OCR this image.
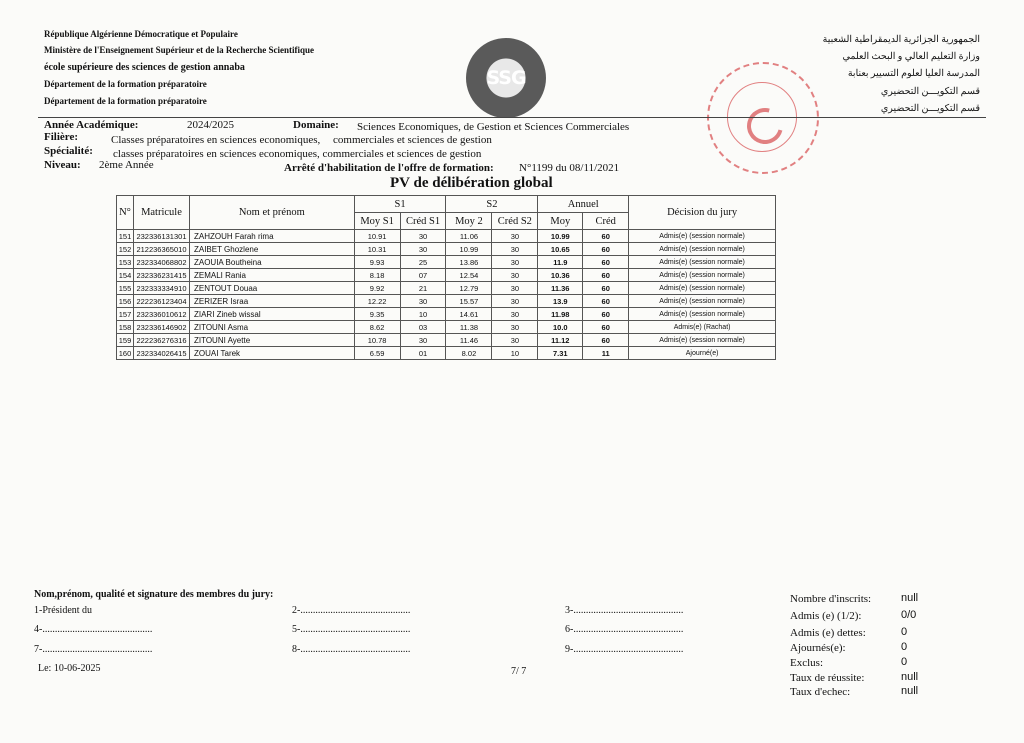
République Algérienne Démocratique et Populaire
Ministère de l'Enseignement Supérieur et de la Recherche Scientifique
école supérieure des sciences de gestion annaba
Département de la formation préparatoire
Département de la formation préparatoire
الجمهورية الجزائرية الديمقراطية الشعبية
وزارة التعليم العالي و البحث العلمي
المدرسة العليا لعلوم التسيير بعنابة
قسم التكويـــن التحضيري
قسم التكويـــن التحضيري
SSG
Année Académique:	2024/2025	Domaine: Sciences Economiques, de Gestion et Sciences Commerciales
Filière:	Classes préparatoires en sciences economiques, commerciales et sciences de gestion
Spécialité: classes préparatoires en sciences economiques, commerciales et sciences de gestion
Niveau: 2ème Année	Arrêté d'habilitation de l'offre de formation: N°1199 du 08/11/2021
PV de délibération global
N°	Matricule	Nom et prénom	S1		S2		Annuel		Décision du jury
			Moy S1	Créd S1	Moy 2	Créd S2	Moy	Créd	
151	232336131301	ZAHZOUH Farah rima	10.91	30	11.06	30	10.99	60	Admis(e) (session normale)
152	212236365010	ZAIBET Ghozlene	10.31	30	10.99	30	10.65	60	Admis(e) (session normale)
153	232334068802	ZAOUIA Boutheina	9.93	25	13.86	30	11.9	60	Admis(e) (session normale)
154	232336231415	ZEMALI Rania	8.18	07	12.54	30	10.36	60	Admis(e) (session normale)
155	232333334910	ZENTOUT Douaa	9.92	21	12.79	30	11.36	60	Admis(e) (session normale)
156	222236123404	ZERIZER Israa	12.22	30	15.57	30	13.9	60	Admis(e) (session normale)
157	232336010612	ZIARI Zineb wissal	9.35	10	14.61	30	11.98	60	Admis(e) (session normale)
158	232336146902	ZITOUNI Asma	8.62	03	11.38	30	10.0	60	Admis(e) (Rachat)
159	222236276316	ZITOUNI Ayette	10.78	30	11.46	30	11.12	60	Admis(e) (session normale)
160	232334026415	ZOUAI Tarek	6.59	01	8.02	10	7.31	11	Ajourné(e)
Nom,prénom, qualité et signature des membres du jury:
1-Président du	2-............................................	3-............................................
4-............................................	5-............................................	6-............................................
7-............................................	8-............................................	9-............................................
Le: 10-06-2025	7/ 7
Nombre d'inscrits:	null
Admis (e) (1/2):	0/0
Admis (e) dettes:	0
Ajournés(e):	0
Exclus:	0
Taux de réussite:	null
Taux d'echec:	null
